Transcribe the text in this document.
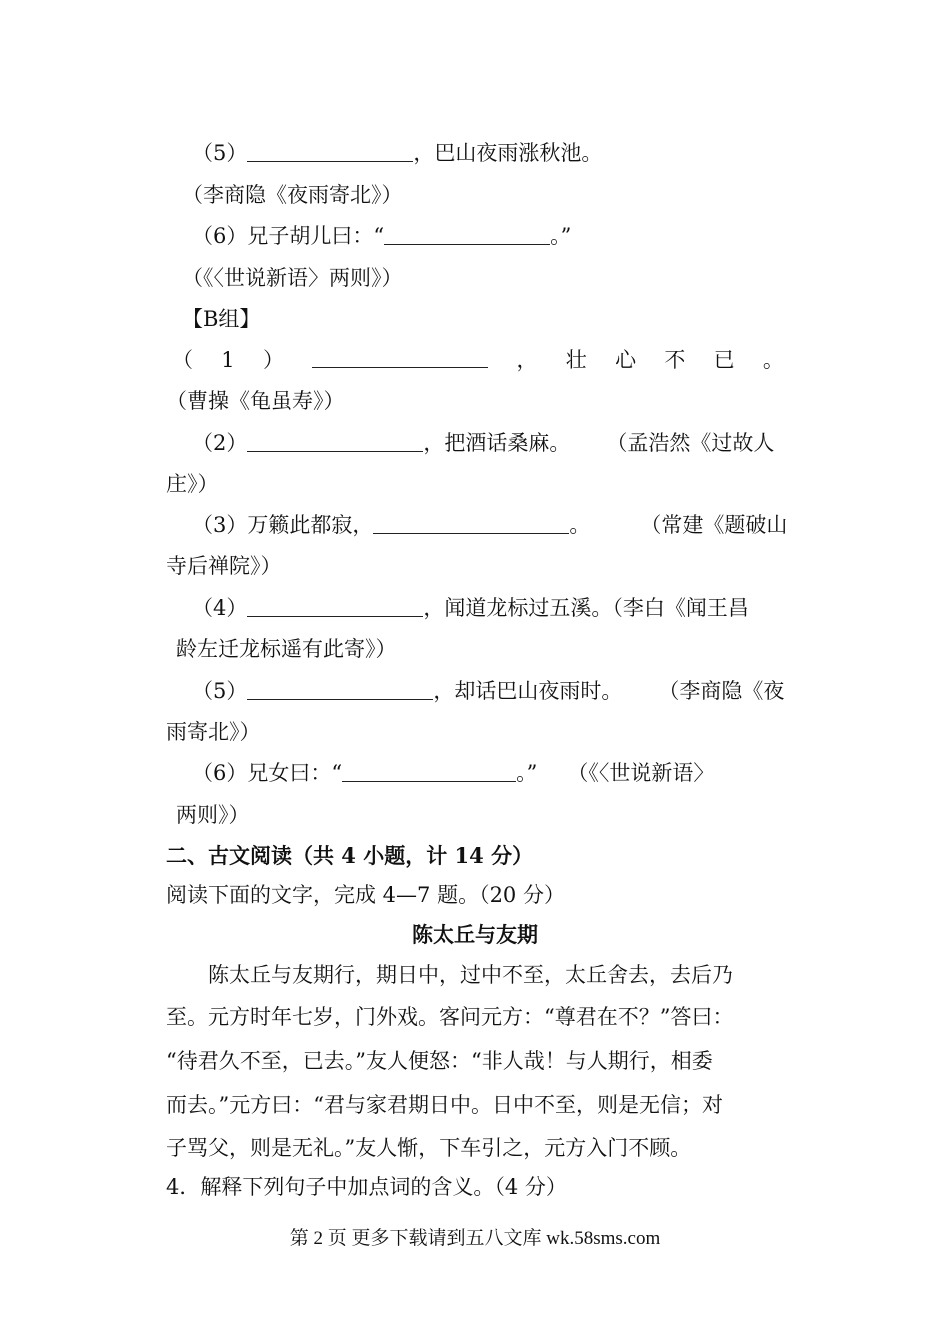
（5）	，巴山夜雨涨秋池。
（李商隐《夜雨寄北》）
（6）兄子胡儿曰：“	。”
（《〈世说新语〉两则》）
【B组】
（ 1 ）	， 壮 心 不 已 。
（曹操《龟虽寿》）
（2）	，把酒话桑麻。 （孟浩然《过故人
庄》）
（3）万籁此都寂，	。 （常建《题破山
寺后禅院》）
（4）	，闻道龙标过五溪。（李白《闻王昌
龄左迁龙标遥有此寄》）
（5）	，却话巴山夜雨时。 （李商隐《夜
雨寄北》）
（6）兄女曰：“	。” （《〈世说新语〉
两则》）
二、古文阅读（共 4 小题，计 14 分）
阅读下面的文字，完成 4—7 题。（20 分）
陈太丘与友期
　　陈太丘与友期行，期日中，过中不至，太丘舍去，去后乃
至。元方时年七岁，门外戏。客问元方：“尊君在不？”答曰：
“待君久不至，已去。”友人便怒：“非人哉！与人期行，相委
而去。”元方曰：“君与家君期日中。日中不至，则是无信；对
子骂父，则是无礼。”友人惭，下车引之，元方入门不顾。
4．解释下列句子中加点词的含义。（4 分）
第 2 页 更多下载请到五八文库 wk.58sms.com
